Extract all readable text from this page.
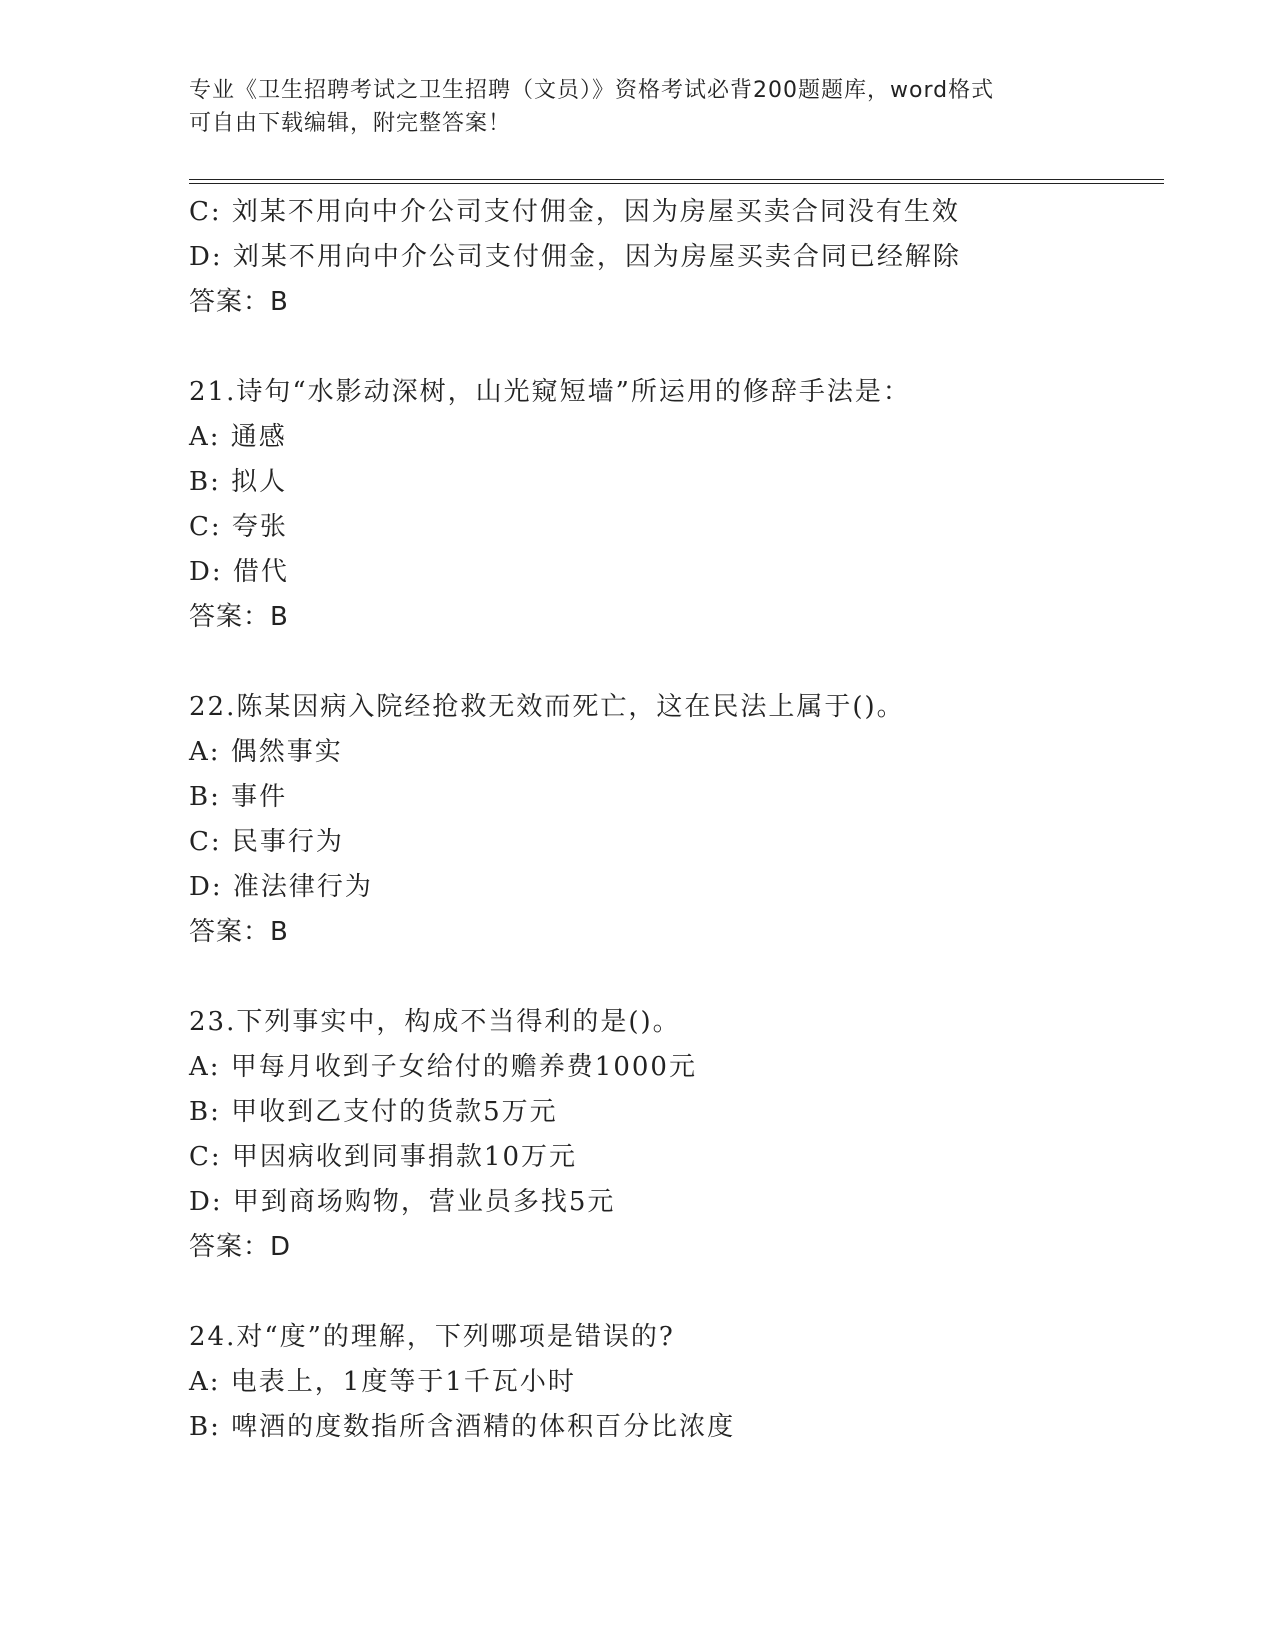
专业《卫生招聘考试之卫生招聘（文员）》资格考试必背200题题库，word格式
可自由下载编辑，附完整答案！
C: 刘某不用向中介公司支付佣金，因为房屋买卖合同没有生效
D: 刘某不用向中介公司支付佣金，因为房屋买卖合同已经解除
答案：B
21.诗句“水影动深树，山光窥短墙”所运用的修辞手法是：
A: 通感
B: 拟人
C: 夸张
D: 借代
答案：B
22.陈某因病入院经抢救无效而死亡，这在民法上属于()。
A: 偶然事实
B: 事件
C: 民事行为
D: 准法律行为
答案：B
23.下列事实中，构成不当得利的是()。
A: 甲每月收到子女给付的赡养费1000元
B: 甲收到乙支付的货款5万元
C: 甲因病收到同事捐款10万元
D: 甲到商场购物，营业员多找5元
答案：D
24.对“度”的理解，下列哪项是错误的?
A: 电表上，1度等于1千瓦小时
B: 啤酒的度数指所含酒精的体积百分比浓度
